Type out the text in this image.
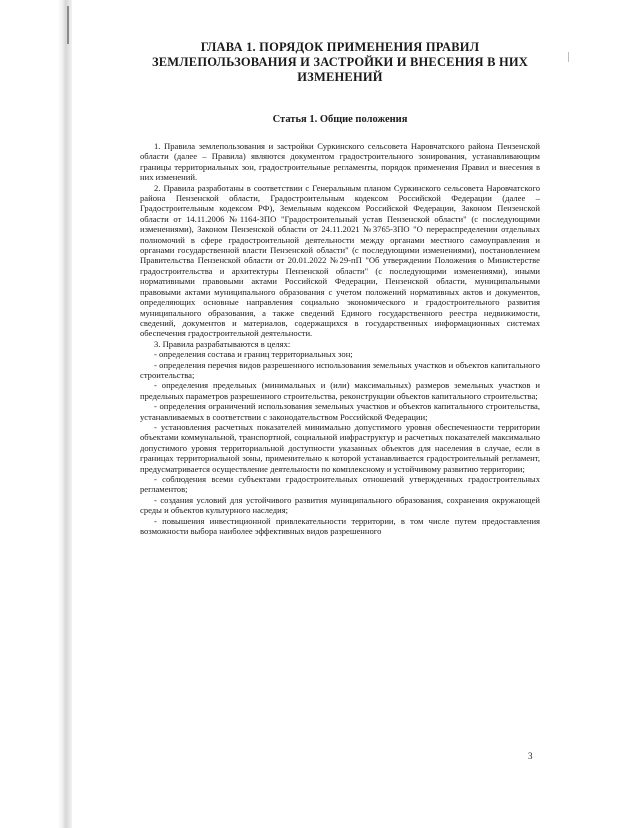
ГЛАВА 1. ПОРЯДОК ПРИМЕНЕНИЯ ПРАВИЛ ЗЕМЛЕПОЛЬЗОВАНИЯ И ЗАСТРОЙКИ И ВНЕСЕНИЯ В НИХ ИЗМЕНЕНИЙ
Статья 1. Общие положения

1. Правила землепользования и застройки Суркинского сельсовета Наровчатского района Пензенской области (далее – Правила) являются документом градостроительного зонирования, устанавливающим границы территориальных зон, градостроительные регламенты, порядок применения Правил и внесения в них изменений.

2. Правила разработаны в соответствии с Генеральным планом Суркинского сельсовета Наровчатского района Пензенской области, Градостроительным кодексом Российской Федерации (далее – Градостроительным кодексом РФ), Земельным кодексом Российской Федерации, Законом Пензенской области от 14.11.2006 №1164-ЗПО "Градостроительный устав Пензенской области" (с последующими изменениями), Законом Пензенской области от 24.11.2021 №3765-ЗПО "О перераспределении отдельных полномочий в сфере градостроительной деятельности между органами местного самоуправления и органами государственной власти Пензенской области" (с последующими изменениями), постановлением Правительства Пензенской области от 20.01.2022 №29-пП "Об утверждении Положения о Министерстве градостроительства и архитектуры Пензенской области" (с последующими изменениями), иными нормативными правовыми актами Российской Федерации, Пензенской области, муниципальными правовыми актами муниципального образования с учетом положений нормативных актов и документов, определяющих основные направления социально экономического и градостроительного развития муниципального образования, а также сведений Единого государственного реестра недвижимости, сведений, документов и материалов, содержащихся в государственных информационных системах обеспечения градостроительной деятельности.

3. Правила разрабатываются в целях:

- определения состава и границ территориальных зон;

- определения перечня видов разрешенного использования земельных участков и объектов капитального строительства;

- определения предельных (минимальных и (или) максимальных) размеров земельных участков и предельных параметров разрешенного строительства, реконструкции объектов капитального строительства;

- определения ограничений использования земельных участков и объектов капитального строительства, устанавливаемых в соответствии с законодательством Российской Федерации;

- установления расчетных показателей минимально допустимого уровня обеспеченности территории объектами коммунальной, транспортной, социальной инфраструктур и расчетных показателей максимально допустимого уровня территориальной доступности указанных объектов для населения в случае, если в границах территориальной зоны, применительно к которой устанавливается градостроительный регламент, предусматривается осуществление деятельности по комплексному и устойчивому развитию территории;

- соблюдения всеми субъектами градостроительных отношений утвержденных градостроительных регламентов;

- создания условий для устойчивого развития муниципального образования, сохранения окружающей среды и объектов культурного наследия;

- повышения инвестиционной привлекательности территории, в том числе путем предоставления возможности выбора наиболее эффективных видов разрешенного

3
